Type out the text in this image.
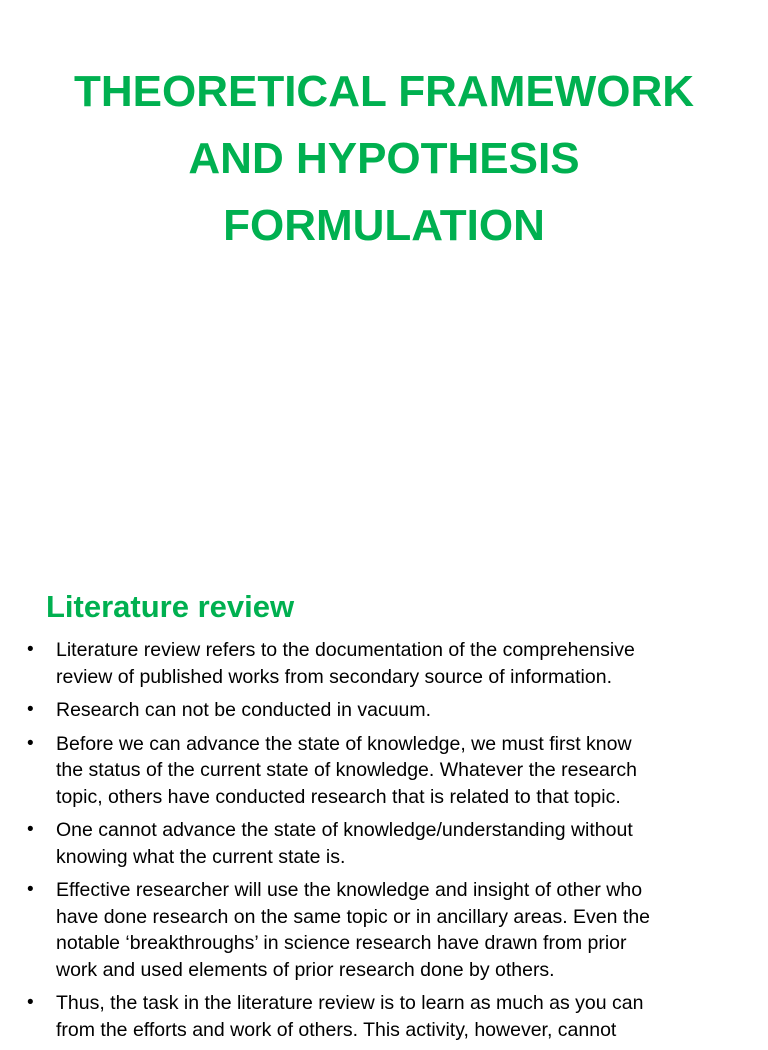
THEORETICAL FRAMEWORK
AND HYPOTHESIS
FORMULATION
Literature review
• Literature review refers to the documentation of the comprehensive
review of published works from secondary source of information.
• Research can not be conducted in vacuum.
• Before we can advance the state of knowledge, we must first know
the status of the current state of knowledge. Whatever the research
topic, others have conducted research that is related to that topic.
• One cannot advance the state of knowledge/understanding without
knowing what the current state is.
• Effective researcher will use the knowledge and insight of other who
have done research on the same topic or in ancillary areas. Even the
notable ‘breakthroughs’ in science research have drawn from prior
work and used elements of prior research done by others.
• Thus, the task in the literature review is to learn as much as you can
from the efforts and work of others. This activity, however, cannot
